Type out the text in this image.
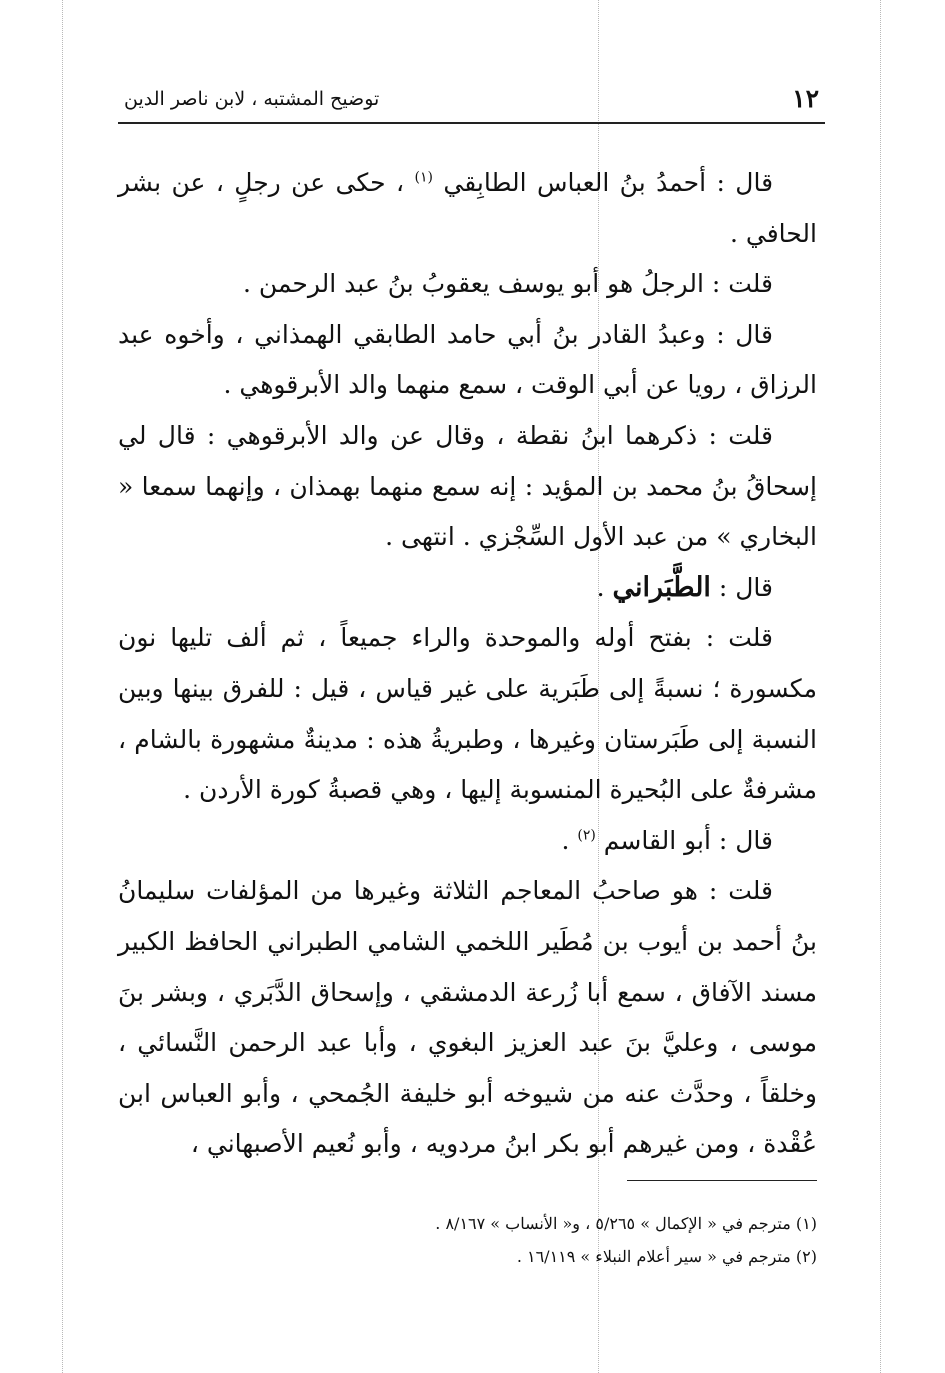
١٢
توضيح المشتبه ، لابن ناصر الدين

قال : أحمدُ بنُ العباس الطابِقي $^{(١)}$ ، حكى عن رجلٍ ، عن بشر الحافي .

قلت : الرجلُ هو أبو يوسف يعقوبُ بنُ عبد الرحمن .

قال : وعبدُ القادر بنُ أبي حامد الطابقي الهمذاني ، وأخوه عبد الرزاق ، رويا عن أبي الوقت ، سمع منهما والد الأبرقوهي .

قلت : ذكرهما ابنُ نقطة ، وقال عن والد الأبرقوهي : قال لي إسحاقُ بنُ محمد بن المؤيد : إنه سمع منهما بهمذان ، وإنهما سمعا « البخاري » من عبد الأول السِّجْزي . انتهى .

قال : الطَّبَراني .

قلت : بفتح أوله والموحدة والراء جميعاً ، ثم ألف تليها نون مكسورة ؛ نسبةً إلى طَبَرية على غير قياس ، قيل : للفرق بينها وبين النسبة إلى طَبَرستان وغيرها ، وطبريةُ هذه : مدينةٌ مشهورة بالشام ، مشرفةٌ على البُحيرة المنسوبة إليها ، وهي قصبةُ كورة الأردن .

قال : أبو القاسم $^{(٢)}$ .

قلت : هو صاحبُ المعاجم الثلاثة وغيرها من المؤلفات سليمانُ بنُ أحمد بن أيوب بن مُطَير اللخمي الشامي الطبراني الحافظ الكبير مسند الآفاق ، سمع أبا زُرعة الدمشقي ، وإسحاق الدَّبَري ، وبشر بنَ موسى ، وعليَّ بنَ عبد العزيز البغوي ، وأبا عبد الرحمن النَّسائي ، وخلقاً ، وحدَّث عنه من شيوخه أبو خليفة الجُمحي ، وأبو العباس ابن عُقْدة ، ومن غيرهم أبو بكر ابنُ مردويه ، وأبو نُعيم الأصبهاني ،

(١) مترجم في « الإكمال » ٥/٢٦٥ ، و« الأنساب » ٨/١٦٧ .

(٢) مترجم في « سير أعلام النبلاء » ١٦/١١٩ .
